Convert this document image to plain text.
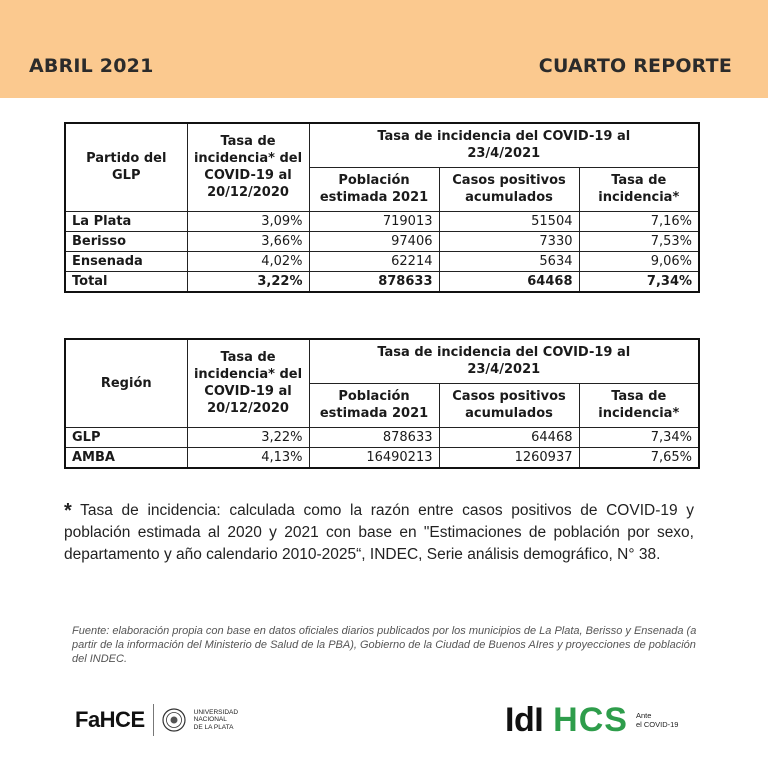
ABRIL 2021	CUARTO REPORTE
Partido del GLP	Tasa de incidencia* del COVID-19 al 20/12/2020	Tasa de incidencia del COVID-19 al 23/4/2021		
		Población estimada 2021	Casos positivos acumulados	Tasa de incidencia*
La Plata	3,09%	719013	51504	7,16%
Berisso	3,66%	97406	7330	7,53%
Ensenada	4,02%	62214	5634	9,06%
Total	3,22%	878633	64468	7,34%
Región	Tasa de incidencia* del COVID-19 al 20/12/2020	Tasa de incidencia del COVID-19 al 23/4/2021		
		Población estimada 2021	Casos positivos acumulados	Tasa de incidencia*
GLP	3,22%	878633	64468	7,34%
AMBA	4,13%	16490213	1260937	7,65%
* Tasa de incidencia: calculada como la razón entre casos positivos de COVID-19 y población estimada al 2020 y 2021 con base en "Estimaciones de población por sexo, departamento y año calendario 2010-2025“, INDEC, Serie análisis demográfico, N° 38.
Fuente: elaboración propia con base en datos oficiales diarios publicados por los municipios de La Plata, Berisso y Ensenada (a partir de la información del Ministerio de Salud de la PBA), Gobierno de la Ciudad de Buenos AIres y proyecciones de población del INDEC.
FaHCE	UNIVERSIDAD
NACIONAL
DE LA PLATA	IdI HCS Ante
el COVID-19
